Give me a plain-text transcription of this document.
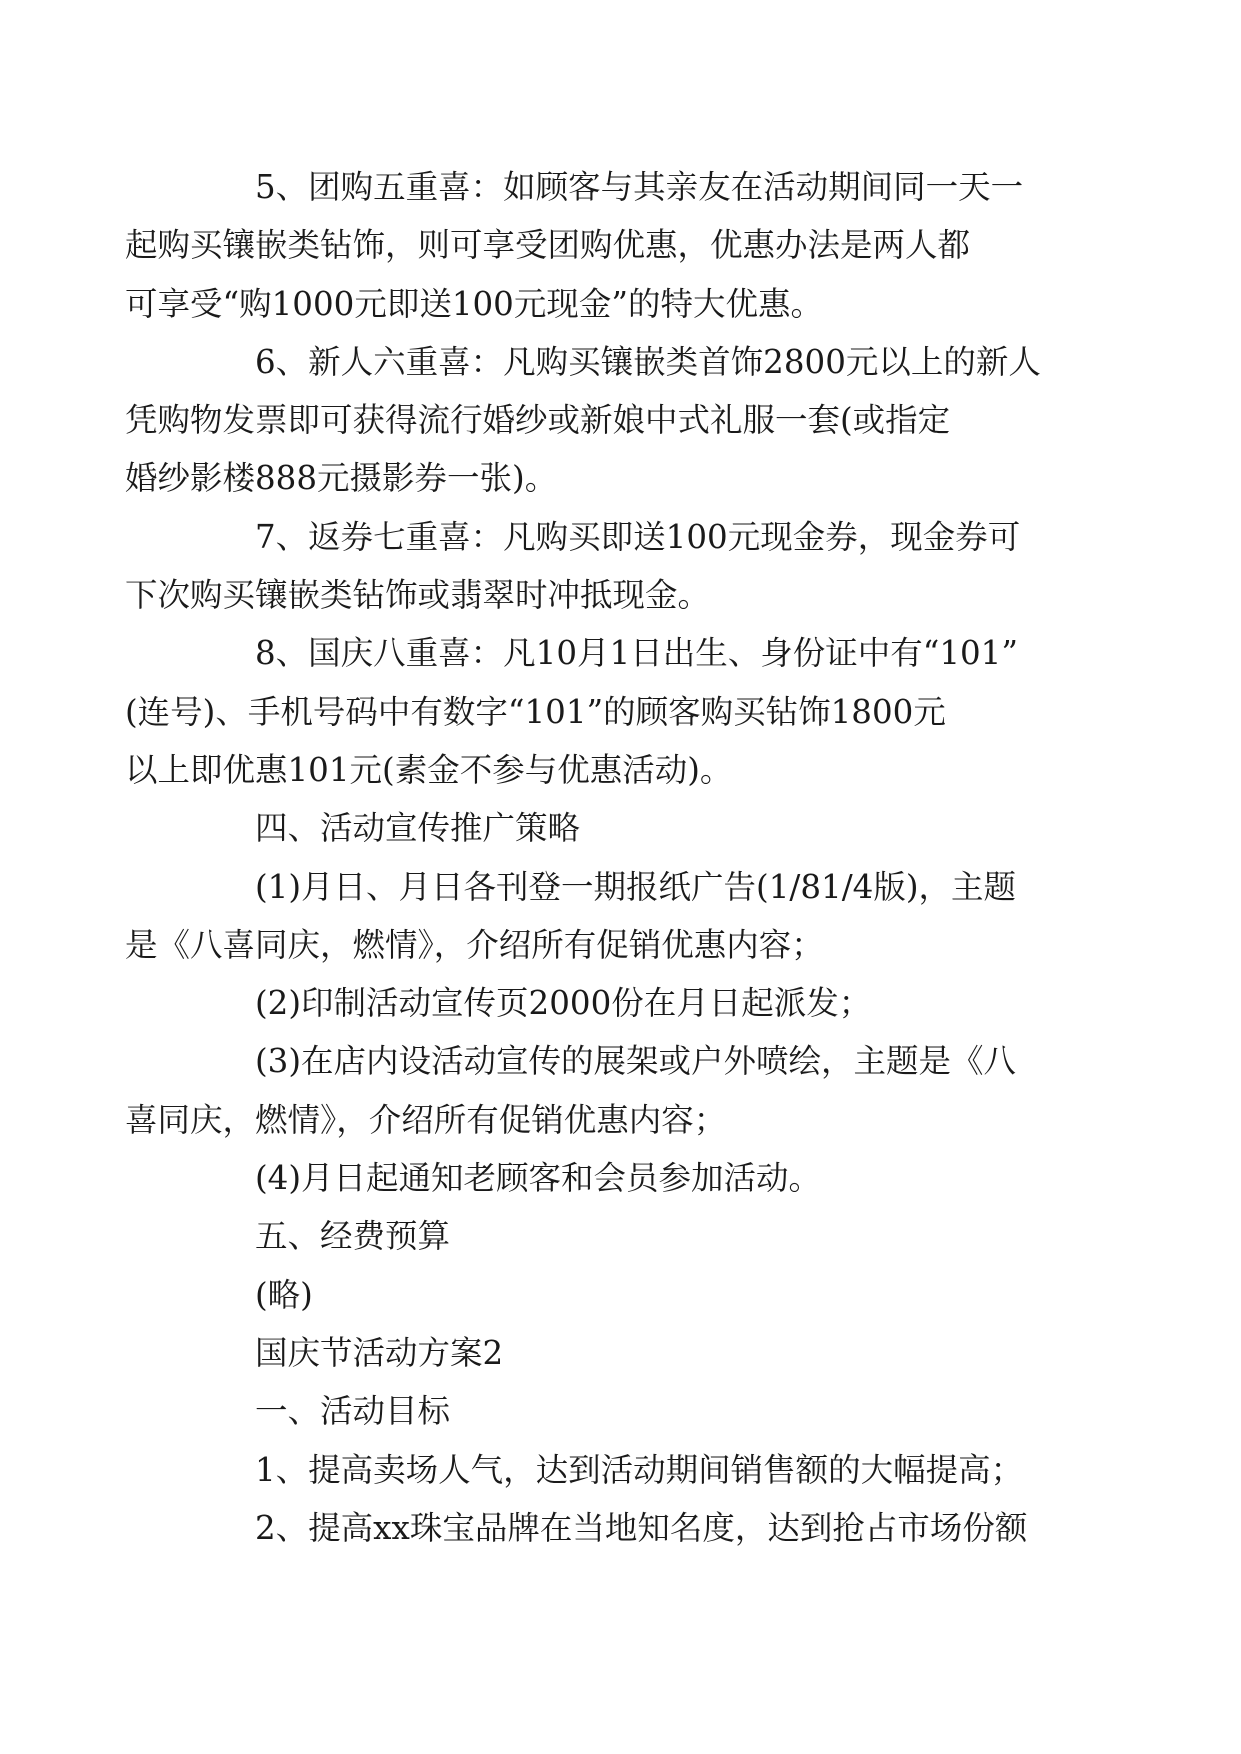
5、团购五重喜：如顾客与其亲友在活动期间同一天一
起购买镶嵌类钻饰，则可享受团购优惠，优惠办法是两人都
可享受“购1000元即送100元现金”的特大优惠。

6、新人六重喜：凡购买镶嵌类首饰2800元以上的新人
凭购物发票即可获得流行婚纱或新娘中式礼服一套(或指定
婚纱影楼888元摄影券一张)。

7、返券七重喜：凡购买即送100元现金券，现金券可
下次购买镶嵌类钻饰或翡翠时冲抵现金。

8、国庆八重喜：凡10月1日出生、身份证中有“101”
(连号)、手机号码中有数字“101”的顾客购买钻饰1800元
以上即优惠101元(素金不参与优惠活动)。

四、活动宣传推广策略

(1)月日、月日各刊登一期报纸广告(1/81/4版)，主题
是《八喜同庆，燃情》，介绍所有促销优惠内容；

(2)印制活动宣传页2000份在月日起派发；

(3)在店内设活动宣传的展架或户外喷绘，主题是《八
喜同庆，燃情》，介绍所有促销优惠内容；

(4)月日起通知老顾客和会员参加活动。

五、经费预算

(略)

国庆节活动方案2

一、活动目标

1、提高卖场人气，达到活动期间销售额的大幅提高；

2、提高xx珠宝品牌在当地知名度，达到抢占市场份额
